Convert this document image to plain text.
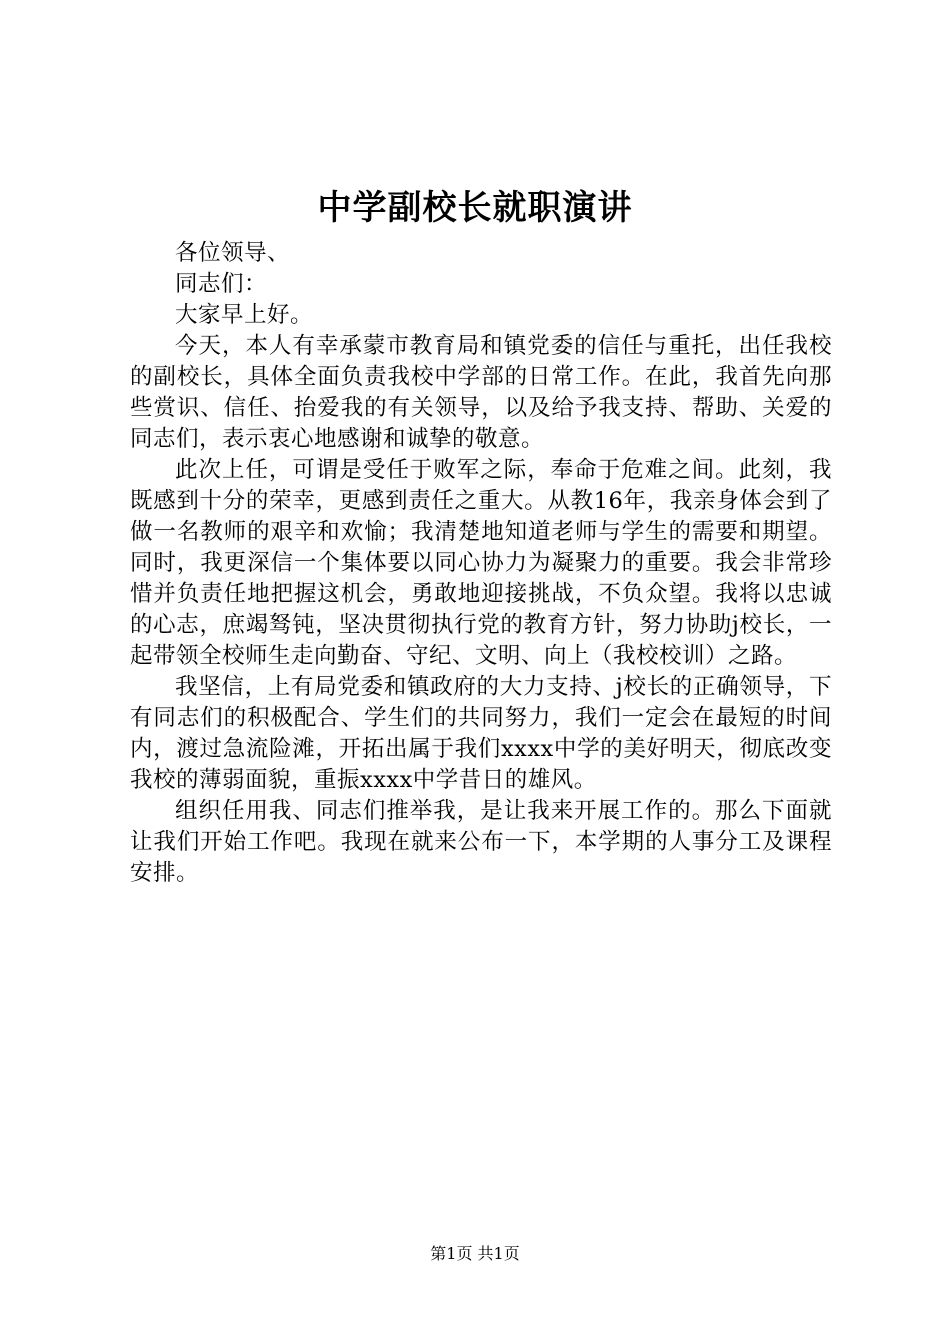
中学副校长就职演讲

各位领导、

同志们：

大家早上好。

今天，本人有幸承蒙市教育局和镇党委的信任与重托，出任我校的副校长，具体全面负责我校中学部的日常工作。在此，我首先向那些赏识、信任、抬爱我的有关领导，以及给予我支持、帮助、关爱的同志们，表示衷心地感谢和诚挚的敬意。

此次上任，可谓是受任于败军之际，奉命于危难之间。此刻，我既感到十分的荣幸，更感到责任之重大。从教16年，我亲身体会到了做一名教师的艰辛和欢愉；我清楚地知道老师与学生的需要和期望。同时，我更深信一个集体要以同心协力为凝聚力的重要。我会非常珍惜并负责任地把握这机会，勇敢地迎接挑战，不负众望。我将以忠诚的心志，庶竭驽钝，坚决贯彻执行党的教育方针，努力协助j校长，一起带领全校师生走向勤奋、守纪、文明、向上（我校校训）之路。

我坚信，上有局党委和镇政府的大力支持、j校长的正确领导，下有同志们的积极配合、学生们的共同努力，我们一定会在最短的时间内，渡过急流险滩，开拓出属于我们xxxx中学的美好明天，彻底改变我校的薄弱面貌，重振xxxx中学昔日的雄风。

组织任用我、同志们推举我，是让我来开展工作的。那么下面就让我们开始工作吧。我现在就来公布一下，本学期的人事分工及课程安排。

第1页 共1页
